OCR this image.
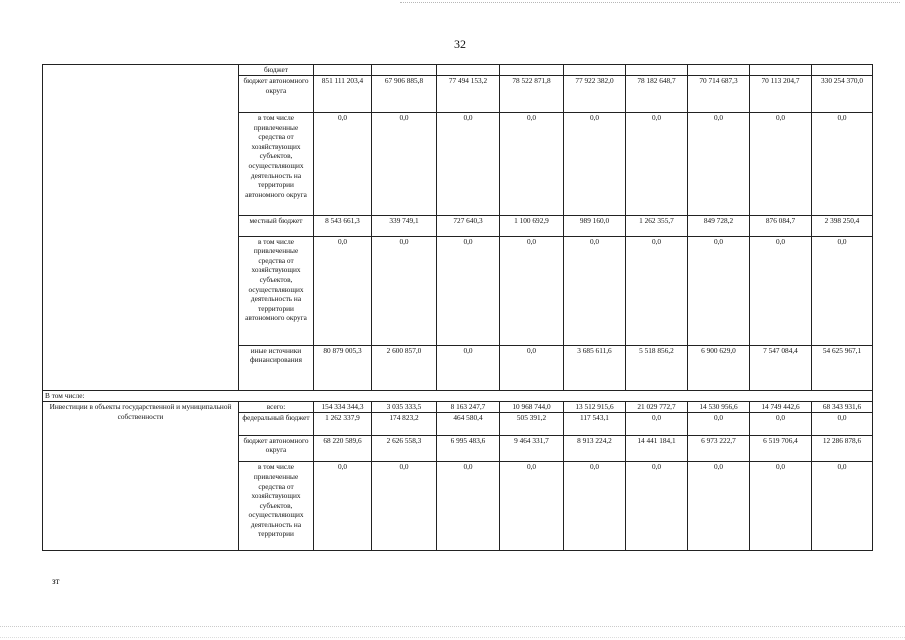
32
	бюджет									
	бюджет автономного округа	851 111 203,4	67 906 885,8	77 494 153,2	78 522 871,8	77 922 382,0	78 182 648,7	70 714 687,3	70 113 204,7	330 254 370,0
	в том числе привлеченные средства от хозяйствующих субъектов, осуществляющих деятельность на территории автономного округа	0,0	0,0	0,0	0,0	0,0	0,0	0,0	0,0	0,0
	местный бюджет	8 543 661,3	339 749,1	727 640,3	1 100 692,9	989 160,0	1 262 355,7	849 728,2	876 084,7	2 398 250,4
	в том числе привлеченные средства от хозяйствующих субъектов, осуществляющих деятельность на территории автономного округа	0,0	0,0	0,0	0,0	0,0	0,0	0,0	0,0	0,0
	иные источники финансирования	80 879 005,3	2 600 857,0	0,0	0,0	3 685 611,6	5 518 856,2	6 900 629,0	7 547 084,4	54 625 967,1
В том числе:										
Инвестиции в объекты государственной и муниципальной собственности	всего:	154 334 344,3	3 035 333,5	8 163 247,7	10 968 744,0	13 512 915,6	21 029 772,7	14 530 956,6	14 749 442,6	68 343 931,6
	федеральный бюджет	1 262 337,9	174 823,2	464 580,4	505 391,2	117 543,1	0,0	0,0	0,0	0,0
	бюджет автономного округа	68 220 589,6	2 626 558,3	6 995 483,6	9 464 331,7	8 913 224,2	14 441 184,1	6 973 222,7	6 519 706,4	12 286 878,6
	в том числе привлеченные средства от хозяйствующих субъектов, осуществляющих деятельность на территории	0,0	0,0	0,0	0,0	0,0	0,0	0,0	0,0	0,0
зт
